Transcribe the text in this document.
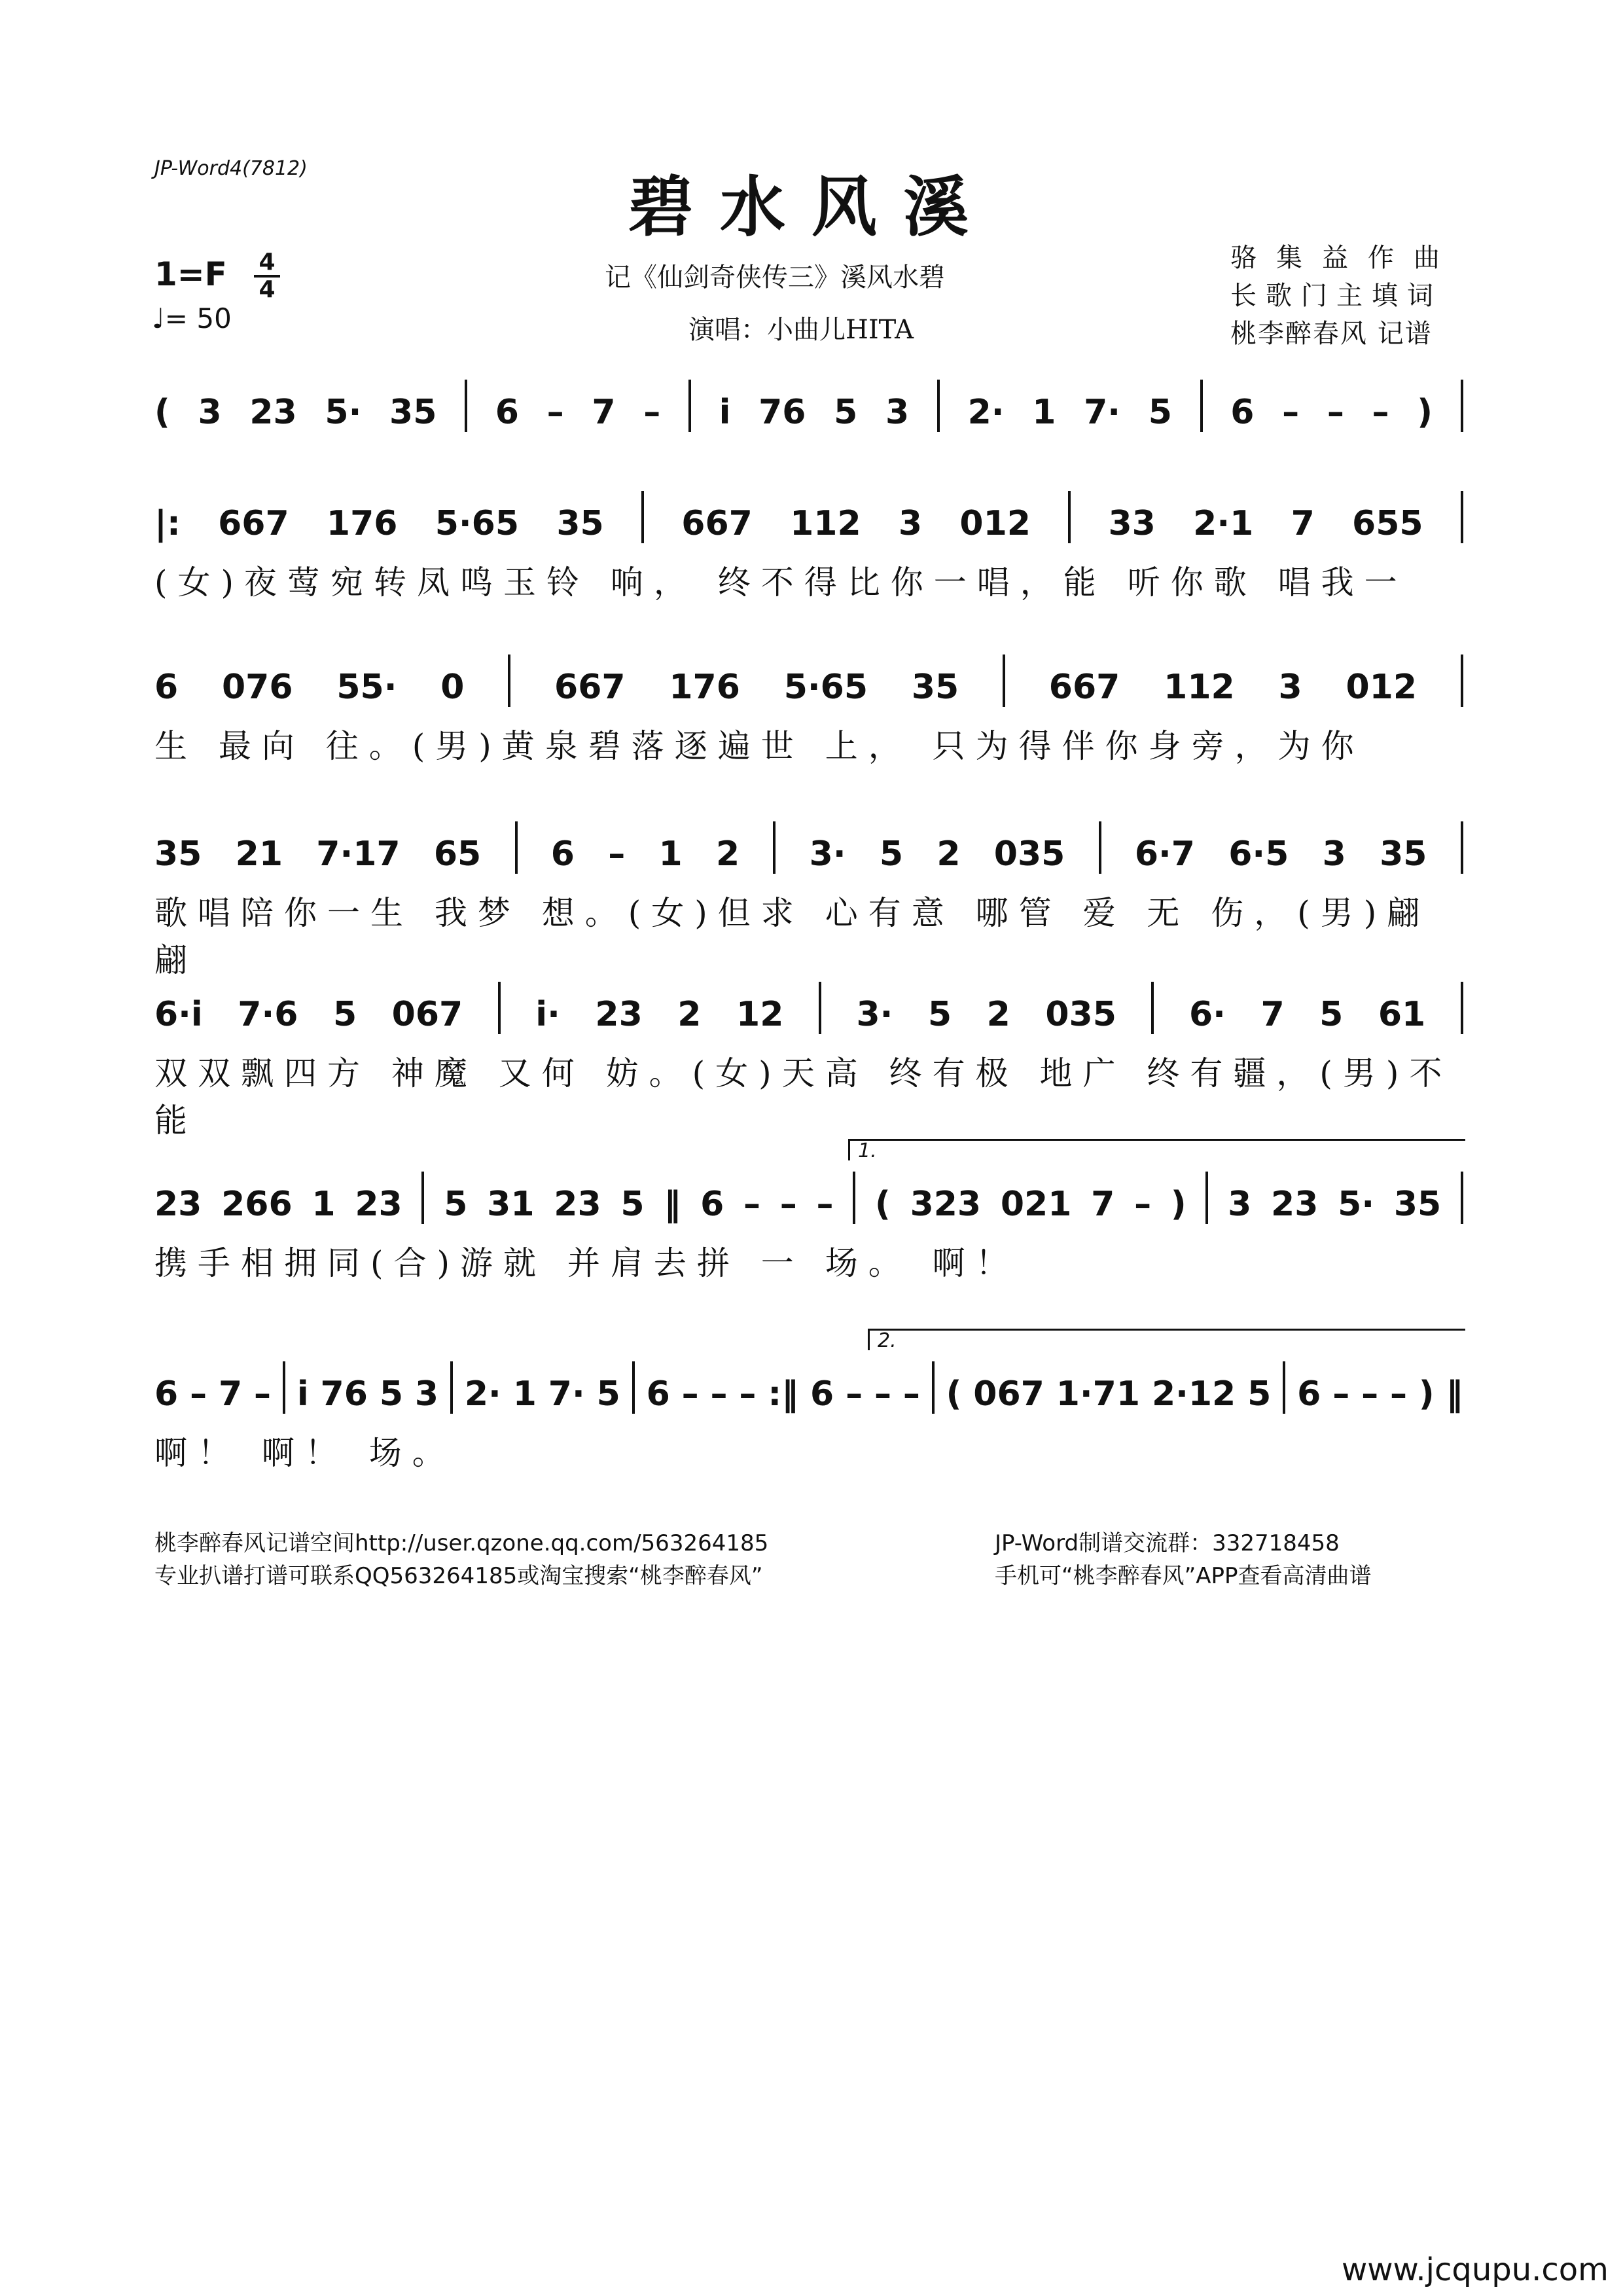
JP-Word4(7812)	碧水风溪
1=F 4
4
♩= 50
记《仙剑奇侠传三》溪风水碧
演唱：小曲儿HITA
骆集益作曲
长歌门主填词
桃李醉春风 记谱
( 3 23 5· 35 6 – 7 – i 76 5 3 2· 1 7· 5 6 – – – )
|: 667 176 5·65 35 667 112 3 012 33 2·1 7 655
(女)夜莺宛转凤鸣玉铃 响， 终不得比你一唱，能 听你歌 唱我一
6 076 55· 0	667 176 5·65 35	667 112 3 012
生 最向 往。(男)黄泉碧落逐遍世 上， 只为得伴你身旁，为你
35 21 7·17 65 6 – 1 2 3· 5 2 035 6·7 6·5 3 35
歌唱陪你一生 我梦 想。(女)但求 心有意 哪管 爱 无 伤，(男)翩翩
6·i 7·6 5 067 i· 23 2 12 3· 5 2 035 6· 7 5 61
双双飘四方 神魔 又何 妨。(女)天高 终有极 地广 终有疆，(男)不能
1.
23 266 1 23 5 31 23 5 ‖ 6 – – – ( 323 021 7 – ) 3 23 5· 35
携手相拥同(合)游就 并肩去拼 一 场。 啊！
2.
6 – 7 – i 76 5 3 2· 1 7· 5 6 – – – :‖ 6 – – – ( 067 1·71 2·12 5 6 – – – ) ‖
啊！ 啊！ 场。
桃李醉春风记谱空间http://user.qzone.qq.com/563264185
专业扒谱打谱可联系QQ563264185或淘宝搜索“桃李醉春风”
JP-Word制谱交流群：332718458
手机可“桃李醉春风”APP查看高清曲谱
www.jcqupu.com
